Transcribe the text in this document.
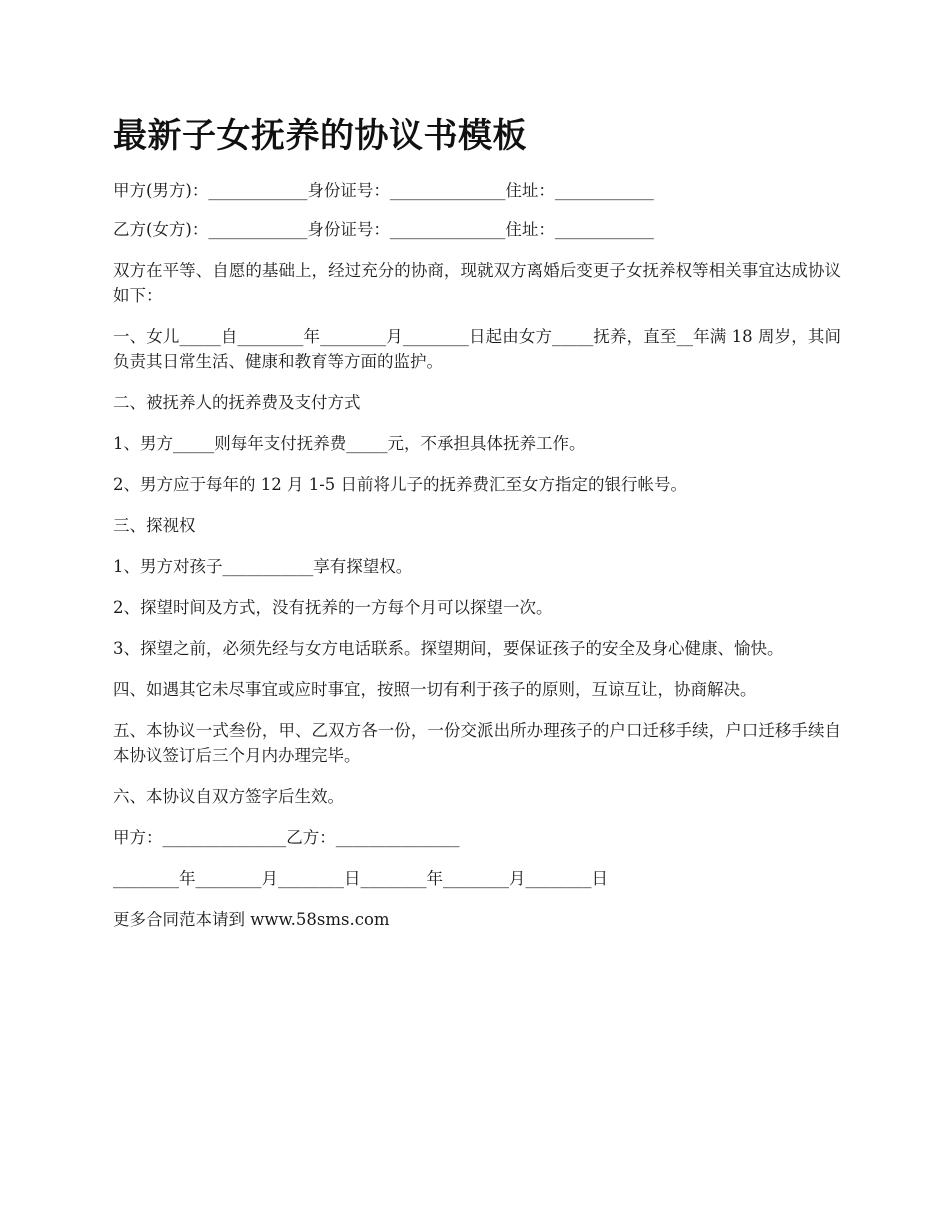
最新子女抚养的协议书模板

甲方(男方)：____________身份证号：______________住址：____________

乙方(女方)：____________身份证号：______________住址：____________

双方在平等、自愿的基础上，经过充分的协商，现就双方离婚后变更子女抚养权等相关事宜达成协议如下：

一、女儿_____自________年________月________日起由女方_____抚养，直至__年满 18 周岁，其间负责其日常生活、健康和教育等方面的监护。

二、被抚养人的抚养费及支付方式

1、男方_____则每年支付抚养费_____元，不承担具体抚养工作。

2、男方应于每年的 12 月 1-5 日前将儿子的抚养费汇至女方指定的银行帐号。

三、探视权

1、男方对孩子___________享有探望权。

2、探望时间及方式，没有抚养的一方每个月可以探望一次。

3、探望之前，必须先经与女方电话联系。探望期间，要保证孩子的安全及身心健康、愉快。

四、如遇其它未尽事宜或应时事宜，按照一切有利于孩子的原则，互谅互让，协商解决。

五、本协议一式叁份，甲、乙双方各一份，一份交派出所办理孩子的户口迁移手续，户口迁移手续自本协议签订后三个月内办理完毕。

六、本协议自双方签字后生效。

甲方：_______________乙方：_______________

________年________月________日________年________月________日

更多合同范本请到 www.58sms.com
